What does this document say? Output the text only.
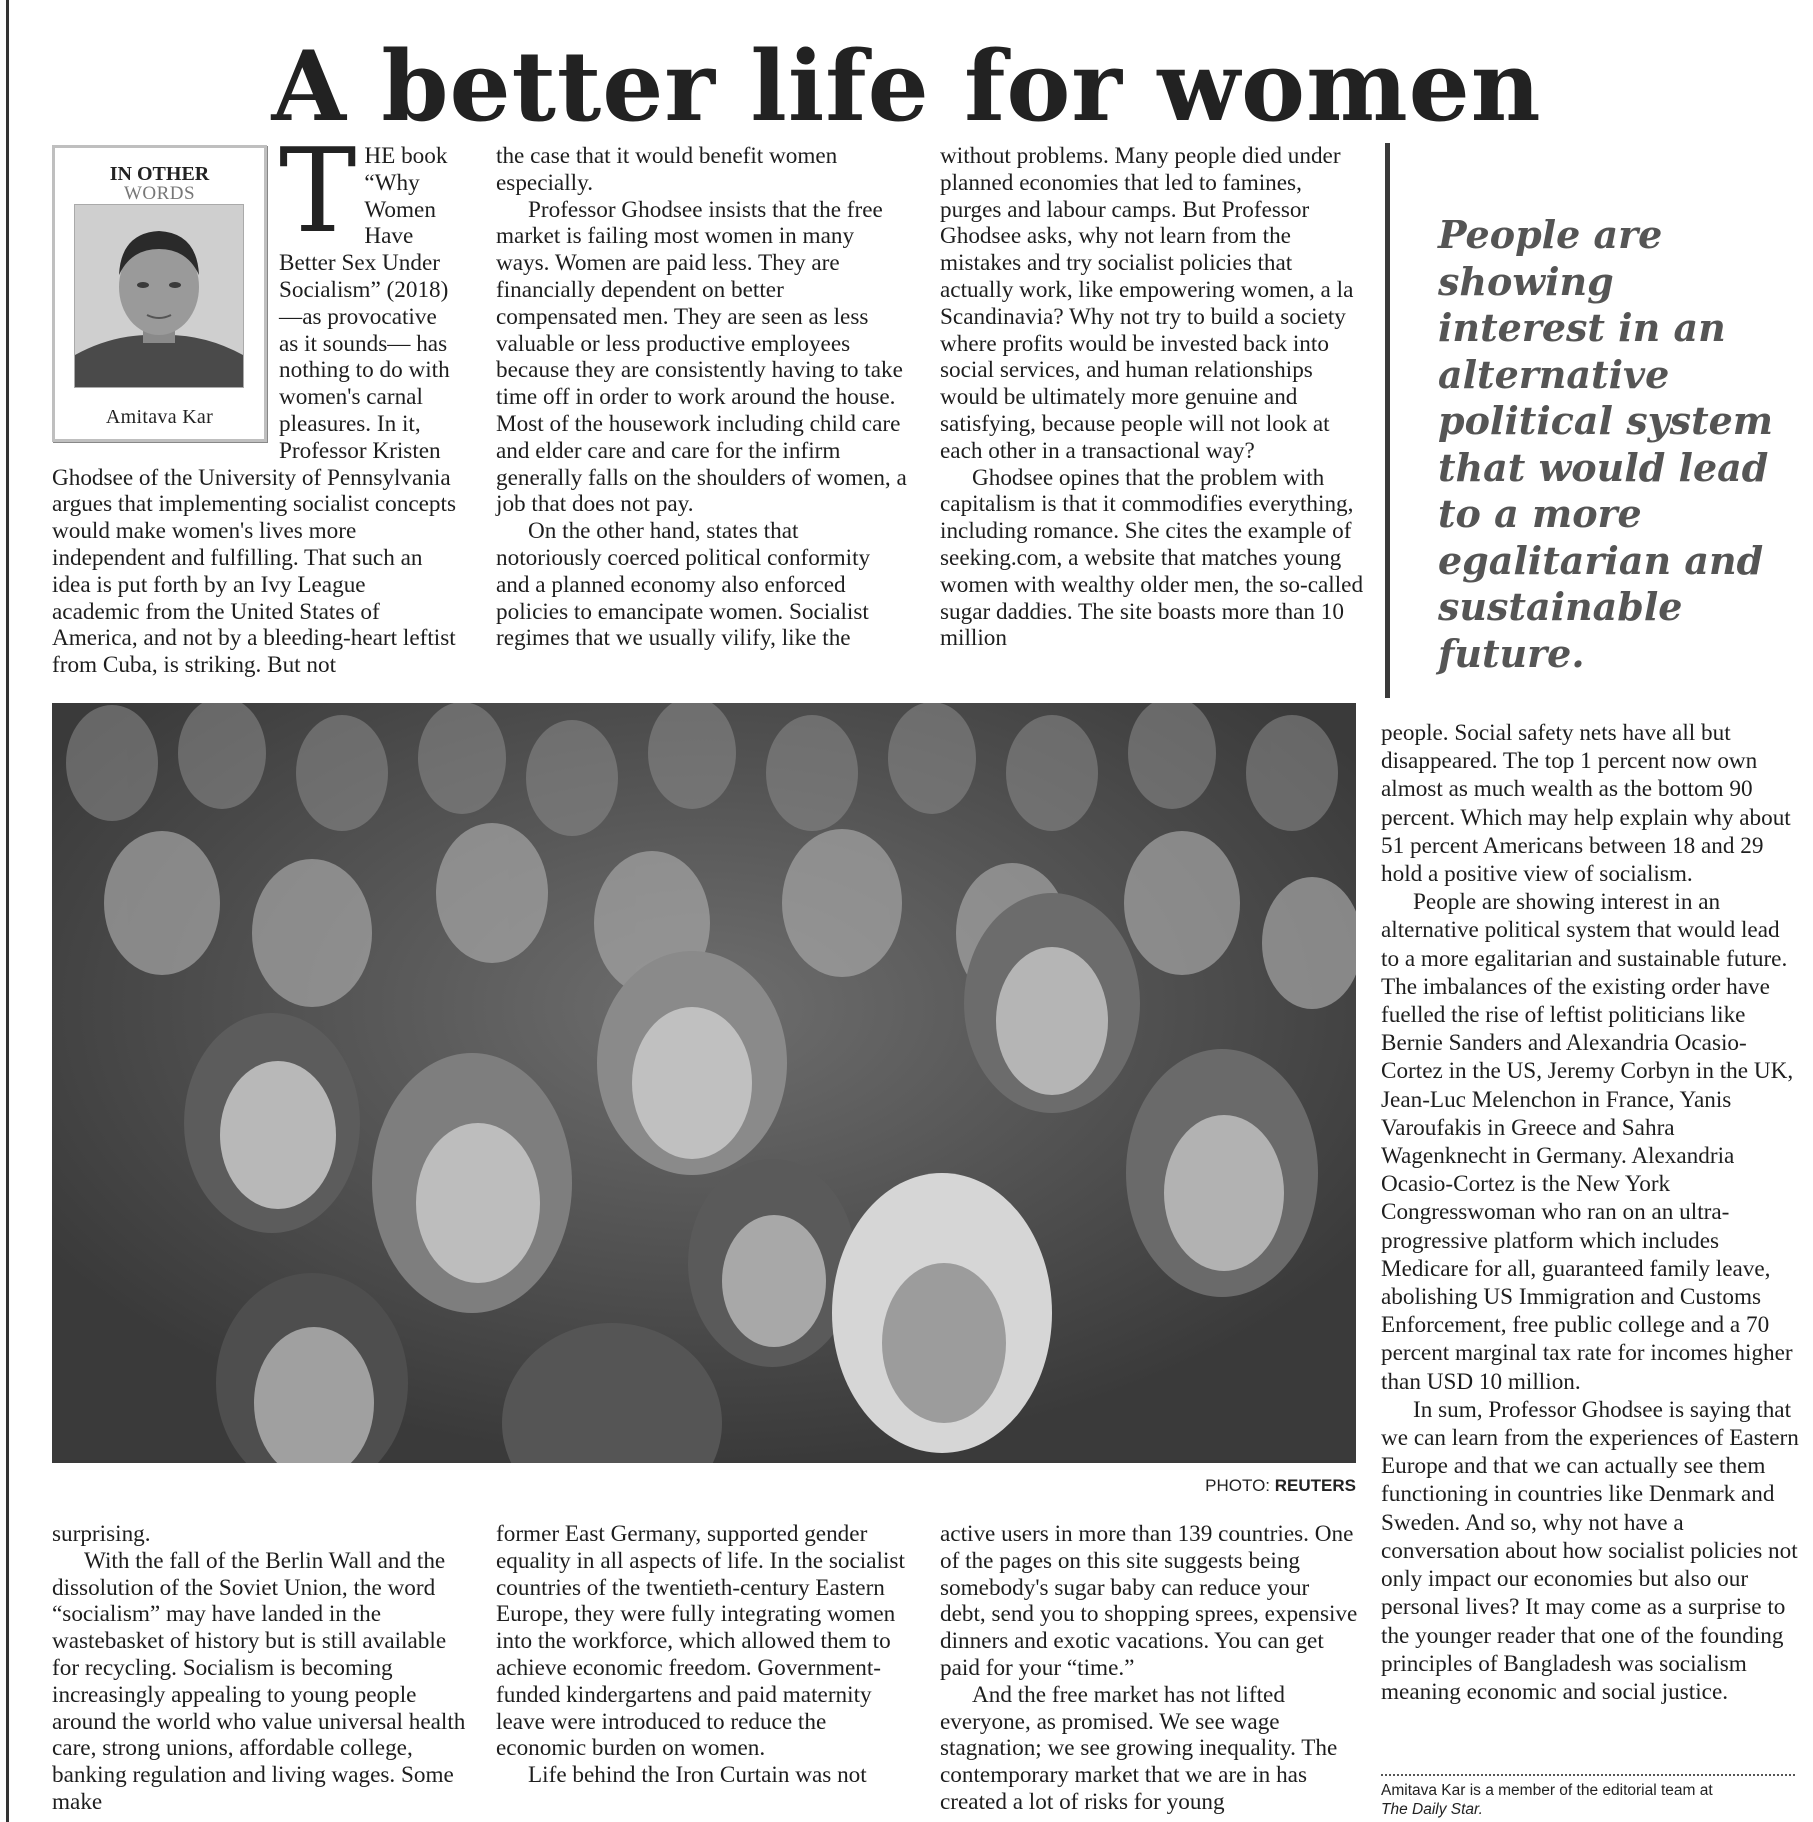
A better life for women
IN OTHER
WORDS
Amitava Kar

THE book “Why Women Have Better Sex Under Socialism” (2018)—as provocative as it sounds— has nothing to do with women's carnal pleasures. In it, Professor Kristen Ghodsee of the University of Pennsylvania argues that implementing socialist concepts would make women's lives more independent and fulfilling. That such an idea is put forth by an Ivy League academic from the United States of America, and not by a bleeding-heart leftist from Cuba, is striking. But not

the case that it would benefit women especially.

Professor Ghodsee insists that the free market is failing most women in many ways. Women are paid less. They are financially dependent on better compensated men. They are seen as less valuable or less productive employees because they are consistently having to take time off in order to work around the house. Most of the housework including child care and elder care and care for the infirm generally falls on the shoulders of women, a job that does not pay.

On the other hand, states that notoriously coerced political conformity and a planned economy also enforced policies to emancipate women. Socialist regimes that we usually vilify, like the

without problems. Many people died under planned economies that led to famines, purges and labour camps. But Professor Ghodsee asks, why not learn from the mistakes and try socialist policies that actually work, like empowering women, a la Scandinavia? Why not try to build a society where profits would be invested back into social services, and human relationships would be ultimately more genuine and satisfying, because people will not look at each other in a transactional way?

Ghodsee opines that the problem with capitalism is that it commodifies everything, including romance. She cites the example of seeking.com, a website that matches young women with wealthy older men, the so-called sugar daddies. The site boasts more than 10 million

People are showing interest in an alternative political system that would lead to a more egalitarian and sustainable future.

PHOTO: REUTERS

people. Social safety nets have all but disappeared. The top 1 percent now own almost as much wealth as the bottom 90 percent. Which may help explain why about 51 percent Americans between 18 and 29 hold a positive view of socialism.

People are showing interest in an alternative political system that would lead to a more egalitarian and sustainable future. The imbalances of the existing order have fuelled the rise of leftist politicians like Bernie Sanders and Alexandria Ocasio-Cortez in the US, Jeremy Corbyn in the UK, Jean-Luc Melenchon in France, Yanis Varoufakis in Greece and Sahra Wagenknecht in Germany. Alexandria Ocasio-Cortez is the New York Congresswoman who ran on an ultra-progressive platform which includes Medicare for all, guaranteed family leave, abolishing US Immigration and Customs Enforcement, free public college and a 70 percent marginal tax rate for incomes higher than USD 10 million.

In sum, Professor Ghodsee is saying that we can learn from the experiences of Eastern Europe and that we can actually see them functioning in countries like Denmark and Sweden. And so, why not have a conversation about how socialist policies not only impact our economies but also our personal lives? It may come as a surprise to the younger reader that one of the founding principles of Bangladesh was socialism meaning economic and social justice.

surprising.

With the fall of the Berlin Wall and the dissolution of the Soviet Union, the word “socialism” may have landed in the wastebasket of history but is still available for recycling. Socialism is becoming increasingly appealing to young people around the world who value universal health care, strong unions, affordable college, banking regulation and living wages. Some make

former East Germany, supported gender equality in all aspects of life. In the socialist countries of the twentieth-century Eastern Europe, they were fully integrating women into the workforce, which allowed them to achieve economic freedom. Government-funded kindergartens and paid maternity leave were introduced to reduce the economic burden on women.

Life behind the Iron Curtain was not

active users in more than 139 countries. One of the pages on this site suggests being somebody's sugar baby can reduce your debt, send you to shopping sprees, expensive dinners and exotic vacations. You can get paid for your “time.”

And the free market has not lifted everyone, as promised. We see wage stagnation; we see growing inequality. The contemporary market that we are in has created a lot of risks for young	Amitava Kar is a member of the editorial team at
The Daily Star.
